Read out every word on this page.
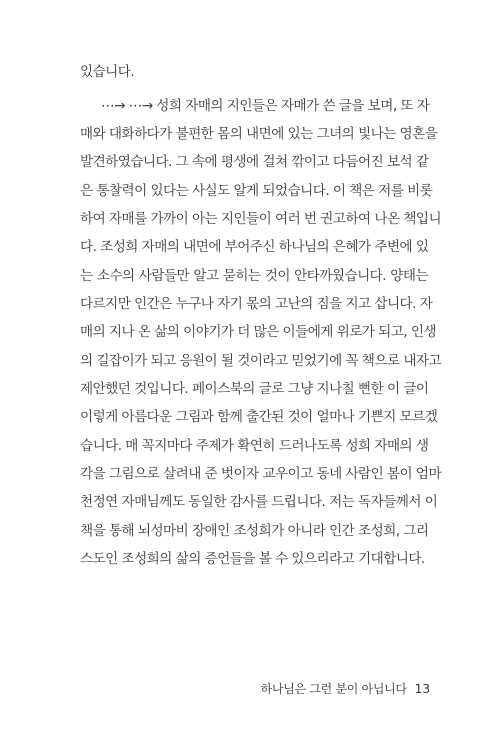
있습니다.
⋯→ ⋯→ 성희 자매의 지인들은 자매가 쓴 글을 보며, 또 자
매와 대화하다가 불편한 몸의 내면에 있는 그녀의 빛나는 영혼을
발견하였습니다. 그 속에 평생에 걸쳐 깎이고 다듬어진 보석 같
은 통찰력이 있다는 사실도 알게 되었습니다. 이 책은 저를 비롯
하여 자매를 가까이 아는 지인들이 여러 번 권고하여 나온 책입니
다. 조성희 자매의 내면에 부어주신 하나님의 은혜가 주변에 있
는 소수의 사람들만 알고 묻히는 것이 안타까웠습니다. 양태는
다르지만 인간은 누구나 자기 몫의 고난의 짐을 지고 삽니다. 자
매의 지나 온 삶의 이야기가 더 많은 이들에게 위로가 되고, 인생
의 길잡이가 되고 응원이 될 것이라고 믿었기에 꼭 책으로 내자고
제안했던 것입니다. 페이스북의 글로 그냥 지나칠 뻔한 이 글이
이렇게 아름다운 그림과 함께 출간된 것이 얼마나 기쁜지 모르겠
습니다. 매 꼭지마다 주제가 확연히 드러나도록 성희 자매의 생
각을 그림으로 살려내 준 벗이자 교우이고 동네 사람인 봄이 엄마
천정연 자매님께도 동일한 감사를 드립니다. 저는 독자들께서 이
책을 통해 뇌성마비 장애인 조성희가 아니라 인간 조성희, 그리
스도인 조성희의 삶의 증언들을 볼 수 있으리라고 기대합니다.
하나님은 그런 분이 아닙니다 13
